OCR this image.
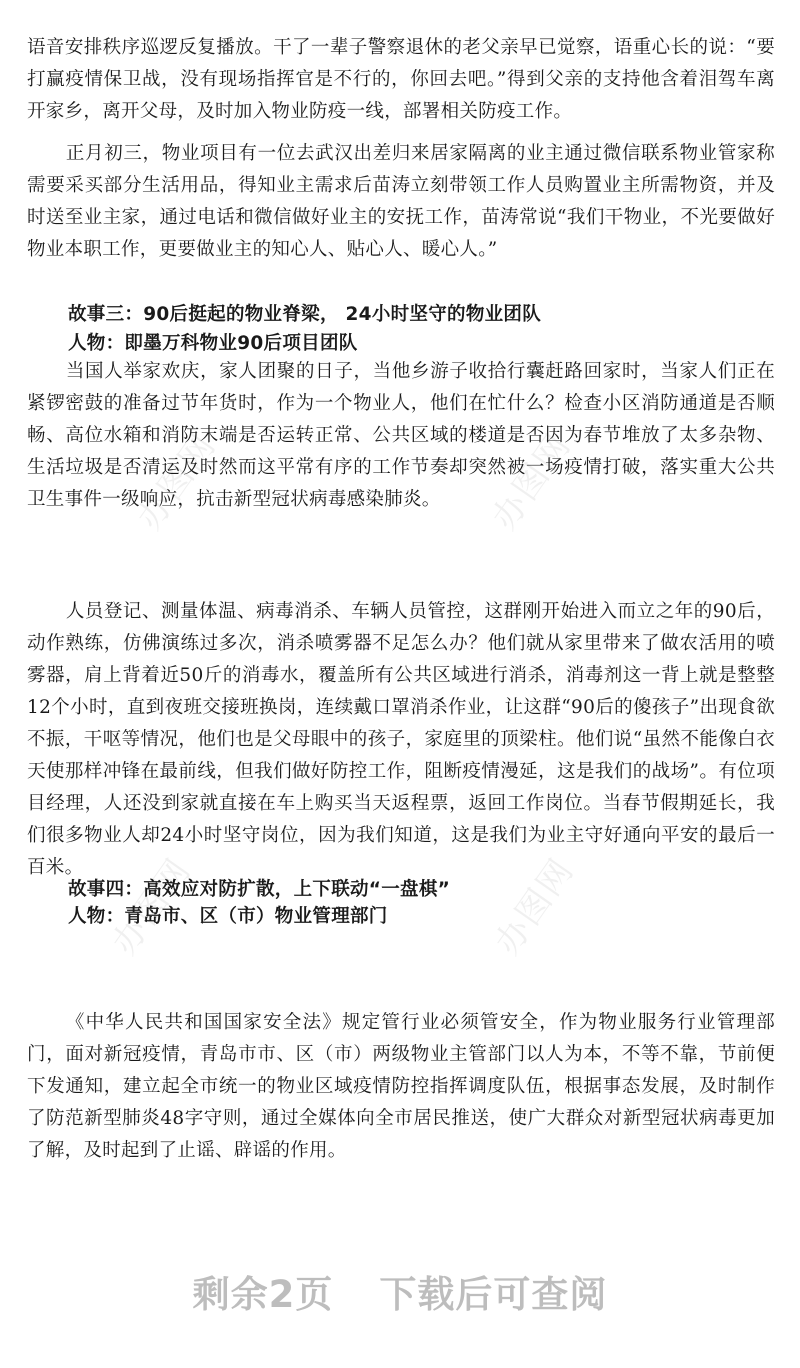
办图网	办图网
办图网	办图网

语音安排秩序巡逻反复播放。干了一辈子警察退休的老父亲早已觉察，语重心长的说：“要打赢疫情保卫战，没有现场指挥官是不行的，你回去吧。”得到父亲的支持他含着泪驾车离开家乡，离开父母，及时加入物业防疫一线，部署相关防疫工作。

正月初三，物业项目有一位去武汉出差归来居家隔离的业主通过微信联系物业管家称需要采买部分生活用品，得知业主需求后苗涛立刻带领工作人员购置业主所需物资，并及时送至业主家，通过电话和微信做好业主的安抚工作，苗涛常说“我们干物业，不光要做好物业本职工作，更要做业主的知心人、贴心人、暖心人。”

故事三：90后挺起的物业脊梁， 24小时坚守的物业团队
人物：即墨万科物业90后项目团队

当国人举家欢庆，家人团聚的日子，当他乡游子收拾行囊赶路回家时，当家人们正在紧锣密鼓的准备过节年货时，作为一个物业人，他们在忙什么？检查小区消防通道是否顺畅、高位水箱和消防末端是否运转正常、公共区域的楼道是否因为春节堆放了太多杂物、生活垃圾是否清运及时然而这平常有序的工作节奏却突然被一场疫情打破，落实重大公共卫生事件一级响应，抗击新型冠状病毒感染肺炎。

人员登记、测量体温、病毒消杀、车辆人员管控，这群刚开始进入而立之年的90后，动作熟练，仿佛演练过多次，消杀喷雾器不足怎么办？他们就从家里带来了做农活用的喷雾器，肩上背着近50斤的消毒水，覆盖所有公共区域进行消杀，消毒剂这一背上就是整整12个小时，直到夜班交接班换岗，连续戴口罩消杀作业，让这群“90后的傻孩子”出现食欲不振，干呕等情况，他们也是父母眼中的孩子，家庭里的顶梁柱。他们说“虽然不能像白衣天使那样冲锋在最前线，但我们做好防控工作，阻断疫情漫延，这是我们的战场”。有位项目经理，人还没到家就直接在车上购买当天返程票，返回工作岗位。当春节假期延长，我们很多物业人却24小时坚守岗位，因为我们知道，这是我们为业主守好通向平安的最后一百米。

故事四：高效应对防扩散，上下联动“一盘棋”
人物：青岛市、区（市）物业管理部门

《中华人民共和国国家安全法》规定管行业必须管安全，作为物业服务行业管理部门，面对新冠疫情，青岛市市、区（市）两级物业主管部门以人为本，不等不靠，节前便下发通知，建立起全市统一的物业区域疫情防控指挥调度队伍，根据事态发展，及时制作了防范新型肺炎48字守则，通过全媒体向全市居民推送，使广大群众对新型冠状病毒更加了解，及时起到了止谣、辟谣的作用。

剩余2页 下载后可查阅
